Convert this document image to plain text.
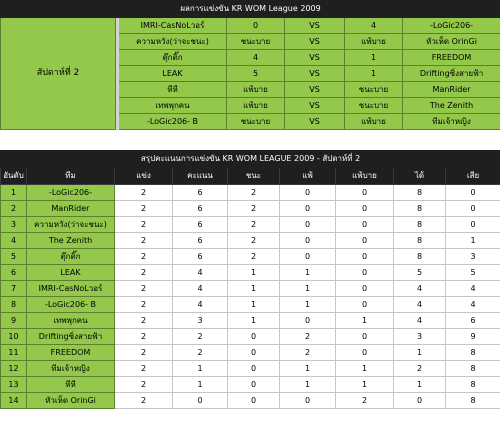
ผลการแข่งขัน KR WOM League 2009						
สัปดาห์ที่ 2		IMRI-CasNoLวอร์	0	VS	4	-LoGic206-
		ความหวัง(ว่าจะชนะ)	ชนะบาย	VS	แพ้บาย	หัวเห็ด OrinGi
		ตุ๊กติ๊ก	4	VS	1	FREEDOM
		LEAK	5	VS	1	Driftingซิ่งสายฟ้า
		หีหี	แพ้บาย	VS	ชนะบาย	ManRider
		เทพพุกคน	แพ้บาย	VS	ชนะบาย	The Zenith
		-LoGic206- B	ชนะบาย	VS	แพ้บาย	ทีมเจ้าหญิง
สรุปคะแนนการแข่งขัน KR WOM LEAGUE 2009 - สัปดาห์ที่ 2								
อันดับ	ทีม	แข่ง	คะแนน	ชนะ	แพ้	แพ้บาย	ได้	เสีย
1	-LoGic206-	2	6	2	0	0	8	0
2	ManRider	2	6	2	0	0	8	0
3	ความหวัง(ว่าจะชนะ)	2	6	2	0	0	8	0
4	The Zenith	2	6	2	0	0	8	1
5	ตุ๊กติ๊ก	2	6	2	0	0	8	3
6	LEAK	2	4	1	1	0	5	5
7	IMRI-CasNoLวอร์	2	4	1	1	0	4	4
8	-LoGic206- B	2	4	1	1	0	4	4
9	เทพพุกคน	2	3	1	0	1	4	6
10	Driftingซิ่งสายฟ้า	2	2	0	2	0	3	9
11	FREEDOM	2	2	0	2	0	1	8
12	ทีมเจ้าหญิง	2	1	0	1	1	2	8
13	หีหี	2	1	0	1	1	1	8
14	หัวเห็ด OrinGi	2	0	0	0	2	0	8
